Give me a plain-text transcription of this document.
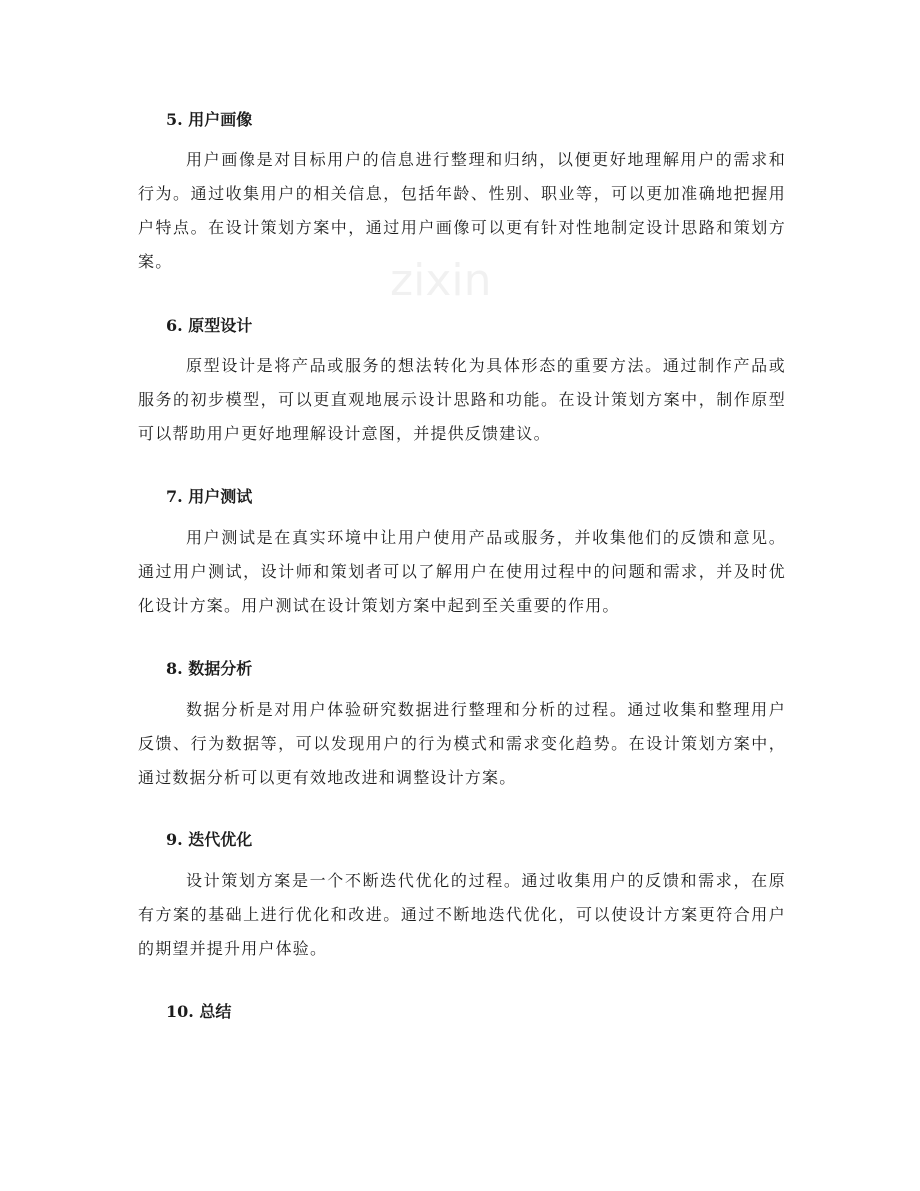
zixin
5. 用户画像

用户画像是对目标用户的信息进行整理和归纳，以便更好地理解用户的需求和行为。通过收集用户的相关信息，包括年龄、性别、职业等，可以更加准确地把握用户特点。在设计策划方案中，通过用户画像可以更有针对性地制定设计思路和策划方案。

6. 原型设计

原型设计是将产品或服务的想法转化为具体形态的重要方法。通过制作产品或服务的初步模型，可以更直观地展示设计思路和功能。在设计策划方案中，制作原型可以帮助用户更好地理解设计意图，并提供反馈建议。

7. 用户测试

用户测试是在真实环境中让用户使用产品或服务，并收集他们的反馈和意见。通过用户测试，设计师和策划者可以了解用户在使用过程中的问题和需求，并及时优化设计方案。用户测试在设计策划方案中起到至关重要的作用。

8. 数据分析

数据分析是对用户体验研究数据进行整理和分析的过程。通过收集和整理用户反馈、行为数据等，可以发现用户的行为模式和需求变化趋势。在设计策划方案中，通过数据分析可以更有效地改进和调整设计方案。

9. 迭代优化

设计策划方案是一个不断迭代优化的过程。通过收集用户的反馈和需求，在原有方案的基础上进行优化和改进。通过不断地迭代优化，可以使设计方案更符合用户的期望并提升用户体验。

10. 总结
